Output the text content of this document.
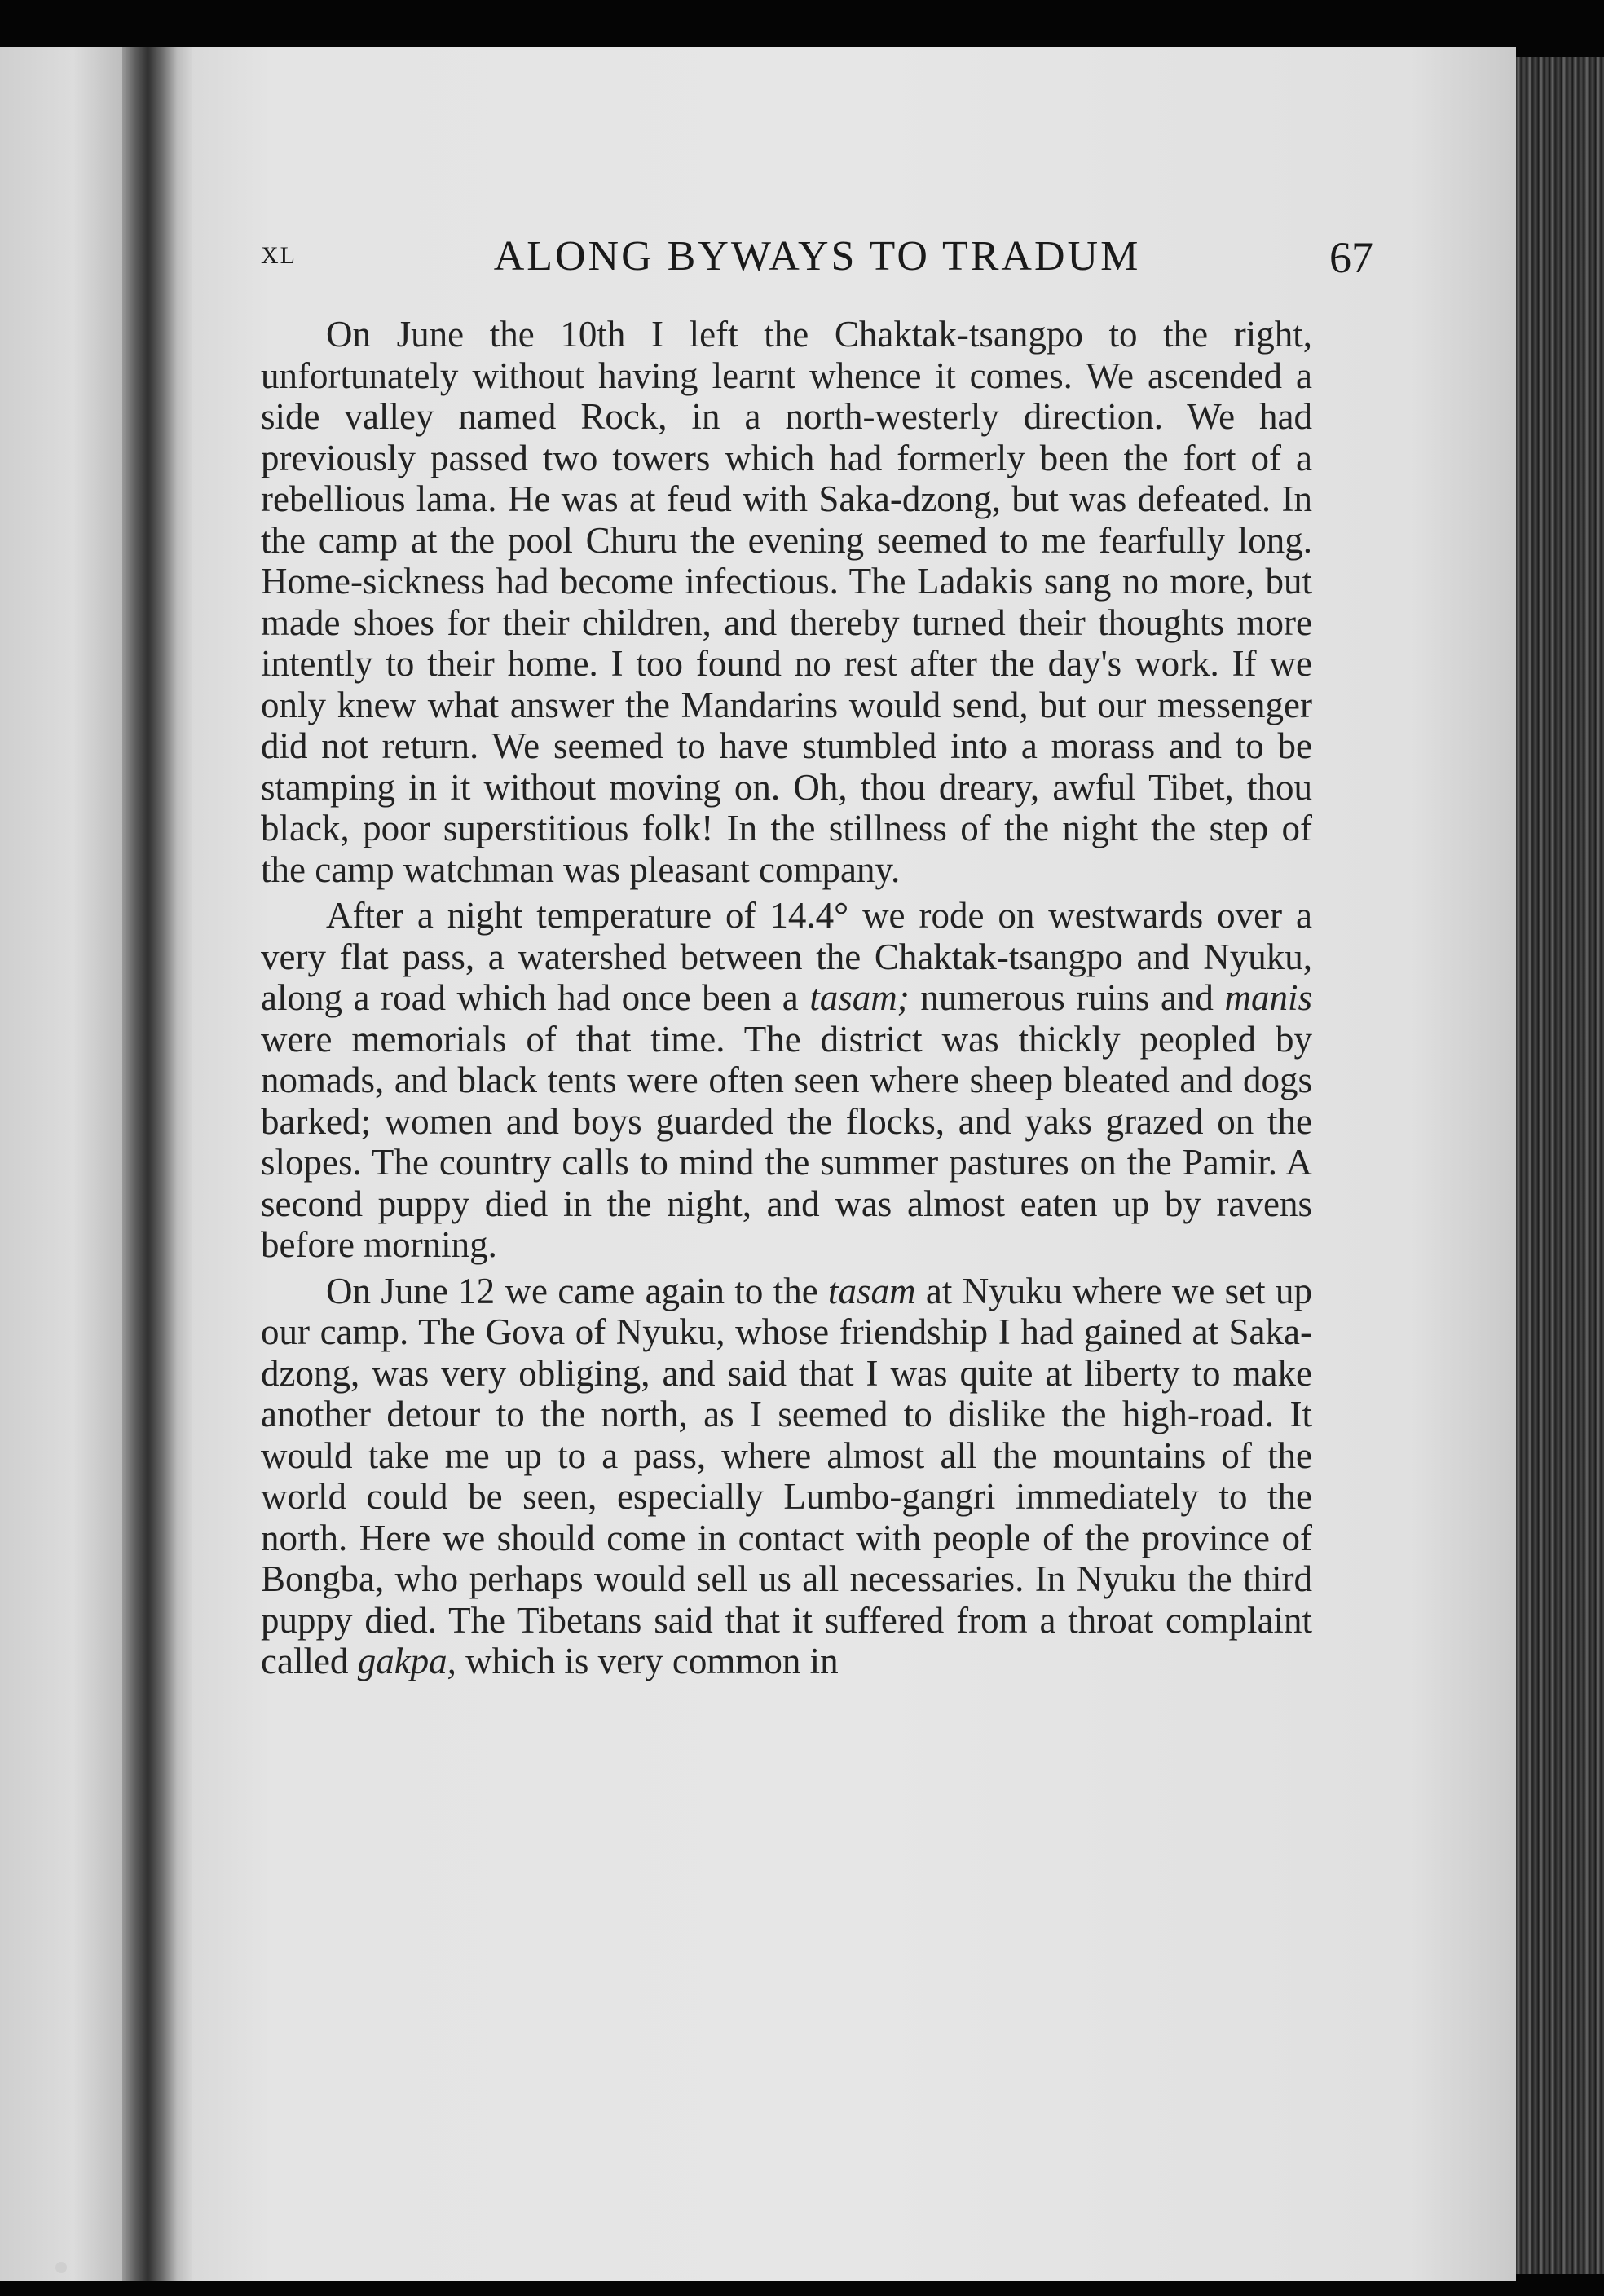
XL	ALONG BYWAYS TO TRADUM	67

On June the 10th I left the Chaktak-tsangpo to the right, unfortunately without having learnt whence it comes. We ascended a side valley named Rock, in a north-westerly direction. We had previously passed two towers which had formerly been the fort of a rebellious lama. He was at feud with Saka-dzong, but was defeated. In the camp at the pool Churu the evening seemed to me fearfully long. Home-sickness had become infectious. The Ladakis sang no more, but made shoes for their children, and thereby turned their thoughts more intently to their home. I too found no rest after the day's work. If we only knew what answer the Mandarins would send, but our messenger did not return. We seemed to have stumbled into a morass and to be stamping in it without moving on. Oh, thou dreary, awful Tibet, thou black, poor superstitious folk! In the stillness of the night the step of the camp watchman was pleasant company.

After a night temperature of 14.4° we rode on westwards over a very flat pass, a watershed between the Chaktak-tsangpo and Nyuku, along a road which had once been a tasam; numerous ruins and manis were memorials of that time. The district was thickly peopled by nomads, and black tents were often seen where sheep bleated and dogs barked; women and boys guarded the flocks, and yaks grazed on the slopes. The country calls to mind the summer pastures on the Pamir. A second puppy died in the night, and was almost eaten up by ravens before morning.

On June 12 we came again to the tasam at Nyuku where we set up our camp. The Gova of Nyuku, whose friendship I had gained at Saka-dzong, was very obliging, and said that I was quite at liberty to make another detour to the north, as I seemed to dislike the high-road. It would take me up to a pass, where almost all the mountains of the world could be seen, especially Lumbo-gangri immediately to the north. Here we should come in contact with people of the province of Bongba, who perhaps would sell us all necessaries. In Nyuku the third puppy died. The Tibetans said that it suffered from a throat complaint called gakpa, which is very common in
